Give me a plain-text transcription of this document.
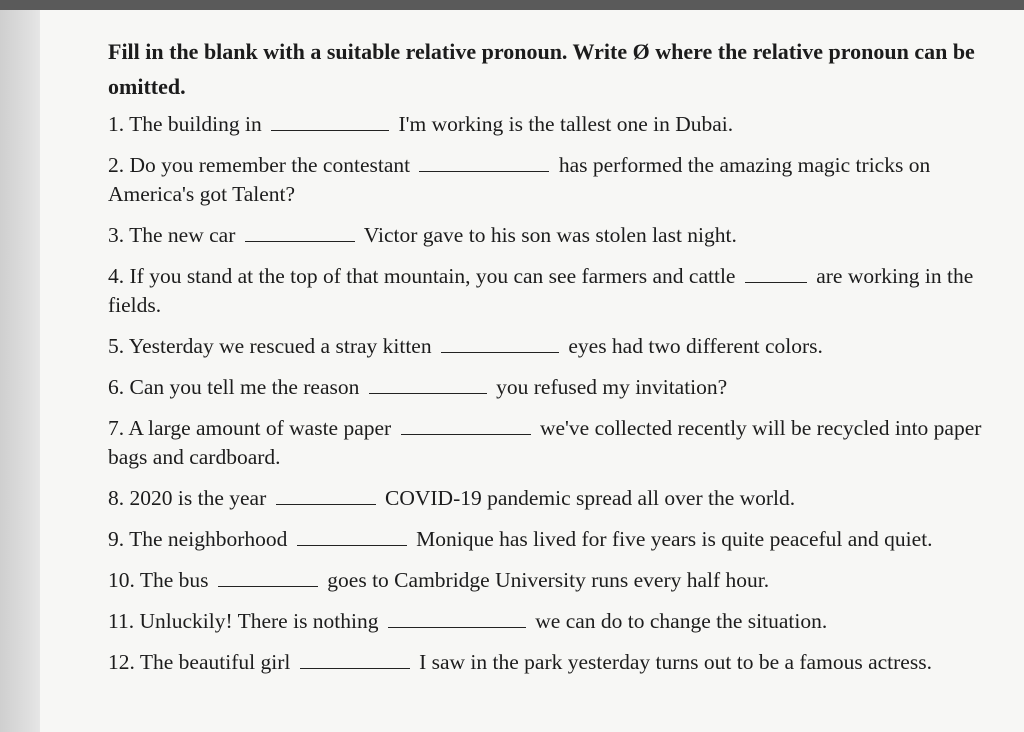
Fill in the blank with a suitable relative pronoun. Write Ø where the relative pronoun can be omitted.

1. The building in	I'm working is the tallest one in Dubai.
2. Do you remember the contestant	has performed the amazing magic tricks on America's got Talent?
3. The new car	Victor gave to his son was stolen last night.
4. If you stand at the top of that mountain, you can see farmers and cattle	are working in the fields.
5. Yesterday we rescued a stray kitten	eyes had two different colors.
6. Can you tell me the reason	you refused my invitation?
7. A large amount of waste paper	we've collected recently will be recycled into paper bags and cardboard.
8. 2020 is the year	COVID-19 pandemic spread all over the world.
9. The neighborhood	Monique has lived for five years is quite peaceful and quiet.
10. The bus	goes to Cambridge University runs every half hour.
11. Unluckily! There is nothing	we can do to change the situation.
12. The beautiful girl	I saw in the park yesterday turns out to be a famous actress.
